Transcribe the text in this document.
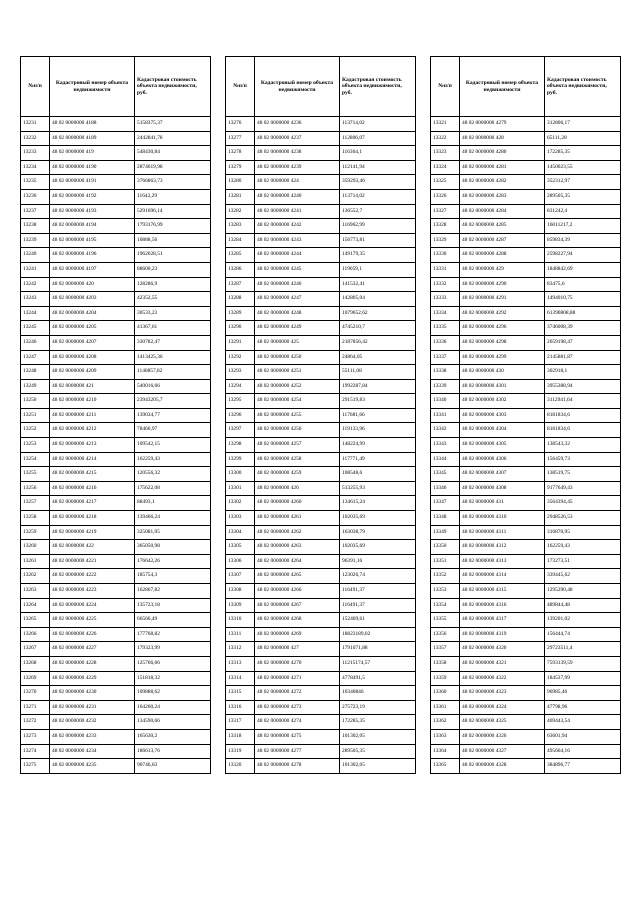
№п/п	Кадастровый номер объекта недвижимости	Кадастровая стоимость объекта недвижимости, руб.
13231	48 02 0000000 4188	5158375,37
13232	48 02 0000000 4189	2442841,78
13233	48 02 0000000 419	548430,84
13234	48 02 0000000 4190	2874619,98
13235	48 02 0000000 4191	3766863,73
13236	48 02 0000000 4192	11642,29
13237	48 02 0000000 4193	5291696,14
13238	48 02 0000000 4194	1793176,99
13239	48 02 0000000 4195	10888,56
13240	48 02 0000000 4196	1962028,51
13241	48 02 0000000 4197	88600,23
13242	48 02 0000000 420	128286,9
13243	48 02 0000000 4203	42352,55
13244	48 02 0000000 4204	30533,23
13245	48 02 0000000 4205	41367,61
13246	48 02 0000000 4207	330782,47
13247	48 02 0000000 4208	1413425,36
13248	48 02 0000000 4209	1140857,82
13249	48 02 0000000 421	540016,66
13250	48 02 0000000 4210	23943205,7
13251	48 02 0000000 4211	139034,77
13252	48 02 0000000 4212	78466,97
13253	48 02 0000000 4213	109542,15
13254	48 02 0000000 4214	162259,43
13255	48 02 0000000 4215	120556,32
13256	48 02 0000000 4216	175622,08
13257	48 02 0000000 4217	88493,1
13258	48 02 0000000 4218	139466,24
13259	48 02 0000000 4219	325081,05
13260	48 02 0000000 422	365050,98
13261	48 02 0000000 4221	176642,26
13262	48 02 0000000 4222	185754,3
13263	48 02 0000000 4223	162867,82
13264	48 02 0000000 4224	135723,18
13265	48 02 0000000 4225	66566,49
13266	48 02 0000000 4226	177768,82
13267	48 02 0000000 4227	179323,99
13268	48 02 0000000 4228	125766,66
13269	48 02 0000000 4229	151818,32
13270	48 02 0000000 4230	109888,62
13271	48 02 0000000 4231	164260,24
13272	48 02 0000000 4232	134590,66
13273	48 02 0000000 4233	165630,2
13274	48 02 0000000 4234	186613,76
13275	48 02 0000000 4235	90746,63
№п/п	Кадастровый номер объекта недвижимости	Кадастровая стоимость объекта недвижимости, руб.
13276	48 02 0000000 4236	113714,02
13277	48 02 0000000 4237	112806,07
13278	48 02 0000000 4238	116364,1
13279	48 02 0000000 4239	112141,94
13280	48 02 0000000 424	359293,46
13281	48 02 0000000 4240	113714,02
13282	48 02 0000000 4241	136552,7
13283	48 02 0000000 4242	116962,99
13284	48 02 0000000 4243	156773,81
13285	48 02 0000000 4244	149179,35
13286	48 02 0000000 4245	119059,1
13287	48 02 0000000 4246	141532,41
13288	48 02 0000000 4247	142805,04
13289	48 02 0000000 4248	1079652,62
13290	48 02 0000000 4249	4745210,7
13291	48 02 0000000 425	2187856,42
13292	48 02 0000000 4250	24864,05
13293	48 02 0000000 4251	55111,08
13294	48 02 0000000 4252	1992287,84
13295	48 02 0000000 4254	291519,83
13296	48 02 0000000 4255	117681,66
13297	48 02 0000000 4256	119133,96
13298	48 02 0000000 4257	148224,99
13299	48 02 0000000 4258	117771,49
13300	48 02 0000000 4259	108548,6
13301	48 02 0000000 426	513255,93
13302	48 02 0000000 4260	134615,24
13303	48 02 0000000 4261	102035,69
13304	48 02 0000000 4262	163038,79
13305	48 02 0000000 4263	102035,69
13306	48 02 0000000 4264	96391,16
13307	48 02 0000000 4265	123026,74
13308	48 02 0000000 4266	116491,37
13309	48 02 0000000 4267	116491,37
13310	48 02 0000000 4268	152469,61
13311	48 02 0000000 4269	18823189,02
13312	48 02 0000000 427	1791071,88
13313	48 02 0000000 4270	11215174,57
13314	48 02 0000000 4271	4778491,5
13315	48 02 0000000 4272	10340846
13316	48 02 0000000 4273	275723,19
13317	48 02 0000000 4274	172285,35
13318	48 02 0000000 4275	101302,05
13319	48 02 0000000 4277	289505,35
13320	48 02 0000000 4278	101302,05
№п/п	Кадастровый номер объекта недвижимости	Кадастровая стоимость объекта недвижимости, руб.
13321	48 02 0000000 4279	312806,17
13322	48 02 0000000 428	65111,28
13323	48 02 0000000 4280	172285,35
13324	48 02 0000000 4281	1450023,55
13325	48 02 0000000 4282	352312,97
13326	48 02 0000000 4283	289505,35
13327	48 02 0000000 4284	831242,4
13328	48 02 0000000 4285	16011217,2
13329	48 02 0000000 4287	859834,39
13330	48 02 0000000 4288	2598227,94
13331	48 02 0000000 429	1848842,69
13332	48 02 0000000 4290	83475,6
13333	48 02 0000000 4291	1494010,75
13334	48 02 0000000 4292	61390808,88
13335	48 02 0000000 4296	3746008,39
13336	48 02 0000000 4298	2659198,47
13337	48 02 0000000 4299	2145881,87
13338	48 02 0000000 430	302918,1
13339	48 02 0000000 4301	3955388,94
13340	48 02 0000000 4302	3112941,64
13341	48 02 0000000 4303	8181834,6
13342	48 02 0000000 4304	8181834,6
13343	48 02 0000000 4305	138543,32
13344	48 02 0000000 4306	156459,73
13345	48 02 0000000 4307	138519,75
13346	48 02 0000000 4308	9177649,43
13347	48 02 0000000 431	3564394,45
13348	48 02 0000000 4310	2948526,53
13349	48 02 0000000 4311	316870,95
13350	48 02 0000000 4312	162259,43
13351	48 02 0000000 4313	173273,51
13352	48 02 0000000 4314	339445,62
13353	48 02 0000000 4315	1295390,48
13354	48 02 0000000 4316	489844,48
13355	48 02 0000000 4317	139201,02
13356	48 02 0000000 4319	156444,74
13357	48 02 0000000 4320	29723511,4
13358	48 02 0000000 4321	7593139,59
13359	48 02 0000000 4322	184537,99
13360	48 02 0000000 4323	96985,46
13361	48 02 0000000 4324	47798,96
13362	48 02 0000000 4325	469443,54
13363	48 02 0000000 4326	63601,94
13364	48 02 0000000 4327	495664,16
13365	48 02 0000000 4328	384896,77
